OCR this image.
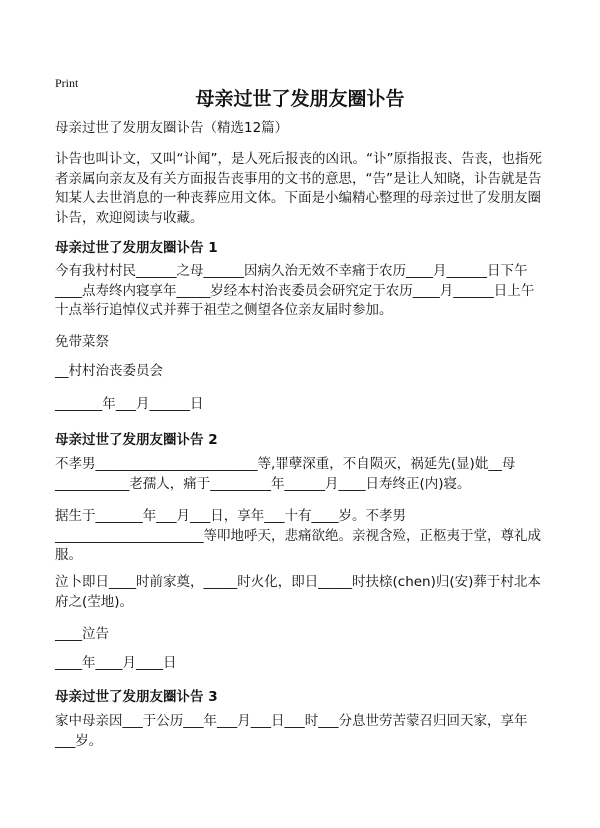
Print
母亲过世了发朋友圈讣告
母亲过世了发朋友圈讣告（精选12篇）
讣告也叫讣文，又叫“讣闻”，是人死后报丧的凶讯。“讣”原指报丧、告丧，也指死
者亲属向亲友及有关方面报告丧事用的文书的意思，“告”是让人知晓，讣告就是告
知某人去世消息的一种丧葬应用文体。下面是小编精心整理的母亲过世了发朋友圈
讣告，欢迎阅读与收藏。
母亲过世了发朋友圈讣告 1
今有我村村民______之母______因病久治无效不幸痛于农历____月______日下午
____点寿终内寝享年_____岁经本村治丧委员会研究定于农历____月______日上午
十点举行追悼仪式并葬于祖茔之侧望各位亲友届时参加。
免带菜祭
__村村治丧委员会
_______年___月______日
母亲过世了发朋友圈讣告 2
不孝男________________________等,罪孽深重，不自陨灭，祸延先(显)妣__母
___________老孺人，痛于_________年______月____日寿终正(内)寝。
据生于_______年___月___日，享年___十有____岁。不孝男
______________________等叩地呼天，悲痛欲绝。亲视含殓，正柩夷于堂，尊礼成
服。
泣卜即日____时前家奠，_____时火化，即日_____时扶榇(chen)归(安)葬于村北本
府之(茔地)。
____泣告
____年____月____日
母亲过世了发朋友圈讣告 3
家中母亲因___于公历___年___月___日___时___分息世劳苦蒙召归回天家，享年
___岁。
